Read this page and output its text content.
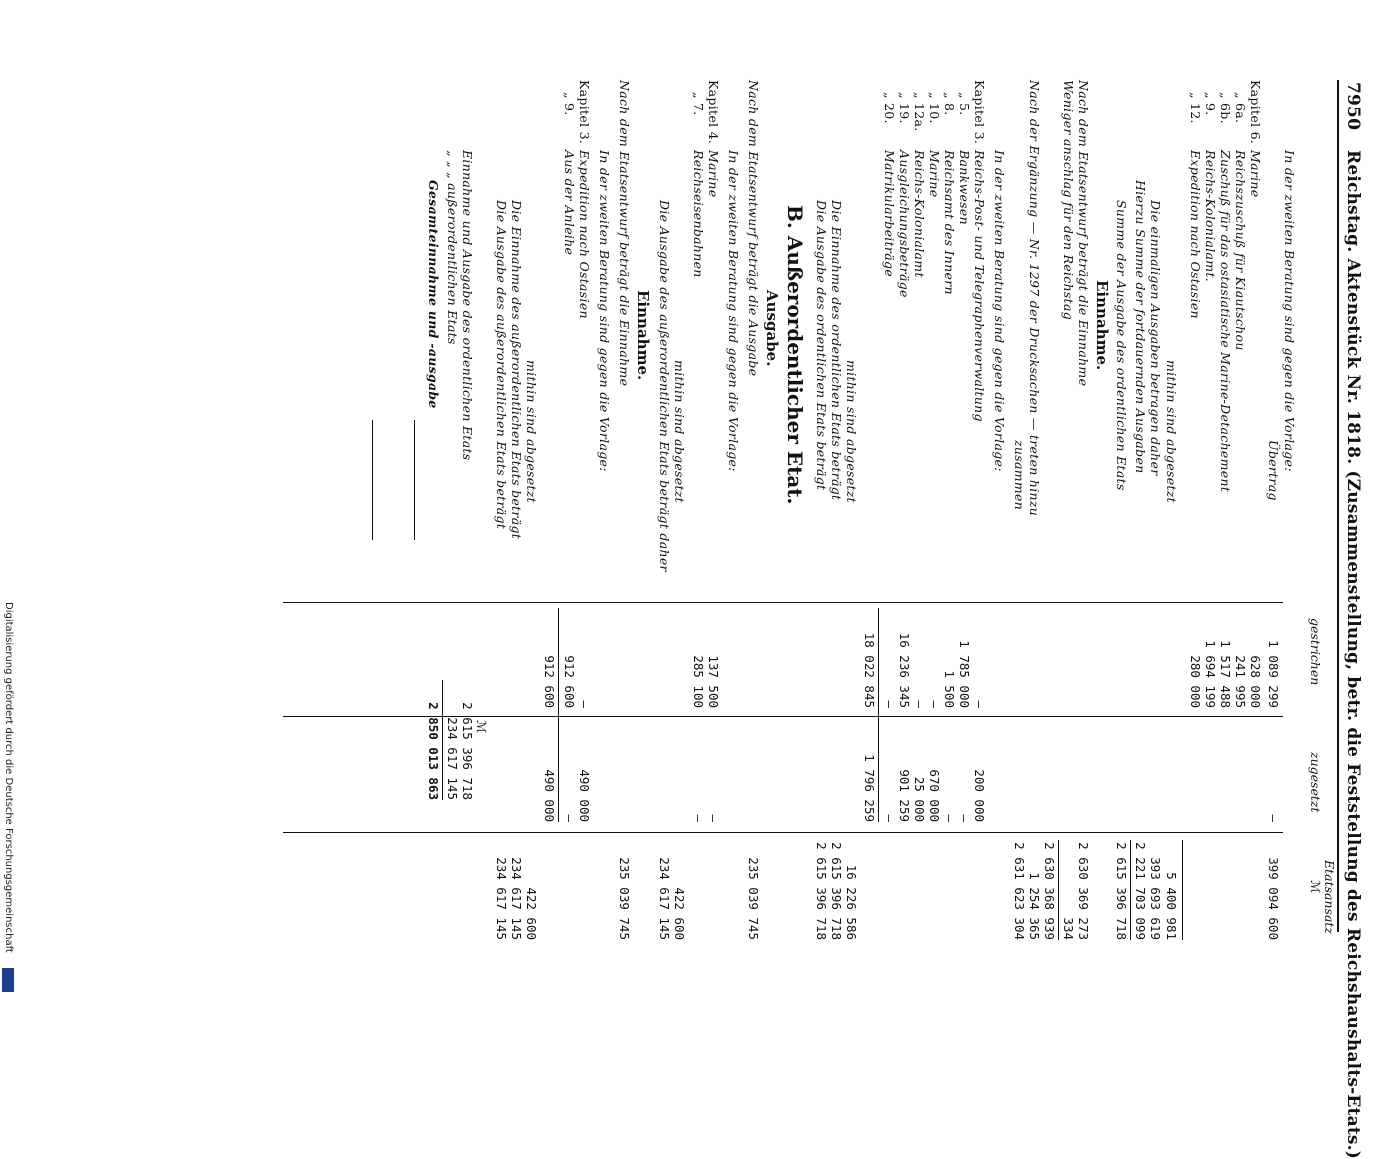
7950
Reichstag. Aktenstück Nr. 1818. (Zusammenstellung, betr. die Feststellung des Reichshaushalts-Etats.)
gestrichen
zugesetzt
Etatsansatz
ℳ
In der zweiten Beratung sind gegen die Vorlage:
Übertrag
1 089 299
—
399 094 600
Kapitel 6.
Marine
628 000
„ 6a.
Reichszuschuß für Kiautschou
241 995
„ 6b.
Zuschuß für das ostasiatische Marine-Detachement
1 517 488
„ 9.
Reichs-Kolonialamt.
1 694 199
„ 12.
Expedition nach Ostasien
280 000
mithin sind abgesetzt
5 400 981
Die einmaligen Ausgaben betragen daher
393 693 619
Hierzu Summe der fortdauernden Ausgaben
2 221 703 099
Summe der Ausgabe des ordentlichen Etats
2 615 396 718
Einnahme.
Nach dem Etatsentwurf beträgt die Einnahme
2 630 369 273
Weniger anschlag für den Reichstag
334
2 630 368 939
Nach der Ergänzung — Nr. 1297 der Drucksachen — treten hinzu
1 254 365
zusammen
2 631 623 304
In der zweiten Beratung sind gegen die Vorlage:
Kapitel 3.
Reichs-Post- und Telegraphenverwaltung
—
200 000
„ 5.
Bankwesen
1 785 000
—
„ 8.
Reichsamt des Innern
1 500
—
„ 10.
Marine
—
670 000
„ 12a.
Reichs-Kolonialamt
—
25 000
„ 19.
Ausgleichungsbeträge
16 236 345
901 259
„ 20.
Matrikularbeiträge
—
—
18 022 845
1 796 259
mithin sind abgesetzt
16 226 586
Die Einnahme des ordentlichen Etats beträgt
2 615 396 718
Die Ausgabe des ordentlichen Etats beträgt
2 615 396 718
B. Außerordentlicher Etat.
Ausgabe.
Nach dem Etatsentwurf beträgt die Ausgabe
235 039 745
In der zweiten Beratung sind gegen die Vorlage:
Kapitel 4.
Marine
137 500
—
„ 7.
Reichseisenbahnen
285 100
—
mithin sind abgesetzt
422 600
Die Ausgabe des außerordentlichen Etats beträgt daher
234 617 145
Einnahme.
Nach dem Etatsentwurf beträgt die Einnahme
235 039 745
In der zweiten Beratung sind gegen die Vorlage:
Kapitel 3.
Expedition nach Ostasien
—
490 000
„ 9.
Aus der Anleihe
912 600
—
912 600
490 000
mithin sind abgesetzt
422 600
Die Einnahme des außerordentlichen Etats beträgt
234 617 145
Die Ausgabe des außerordentlichen Etats beträgt
234 617 145
ℳ
Einnahme und Ausgabe des ordentlichen Etats
2 615 396 718
„ „ „ außerordentlichen Etats
234 617 145
Gesamteinnahme und -ausgabe
2 850 013 863
Digitalisierung gefördert durch die Deutsche Forschungsgemeinschaft
